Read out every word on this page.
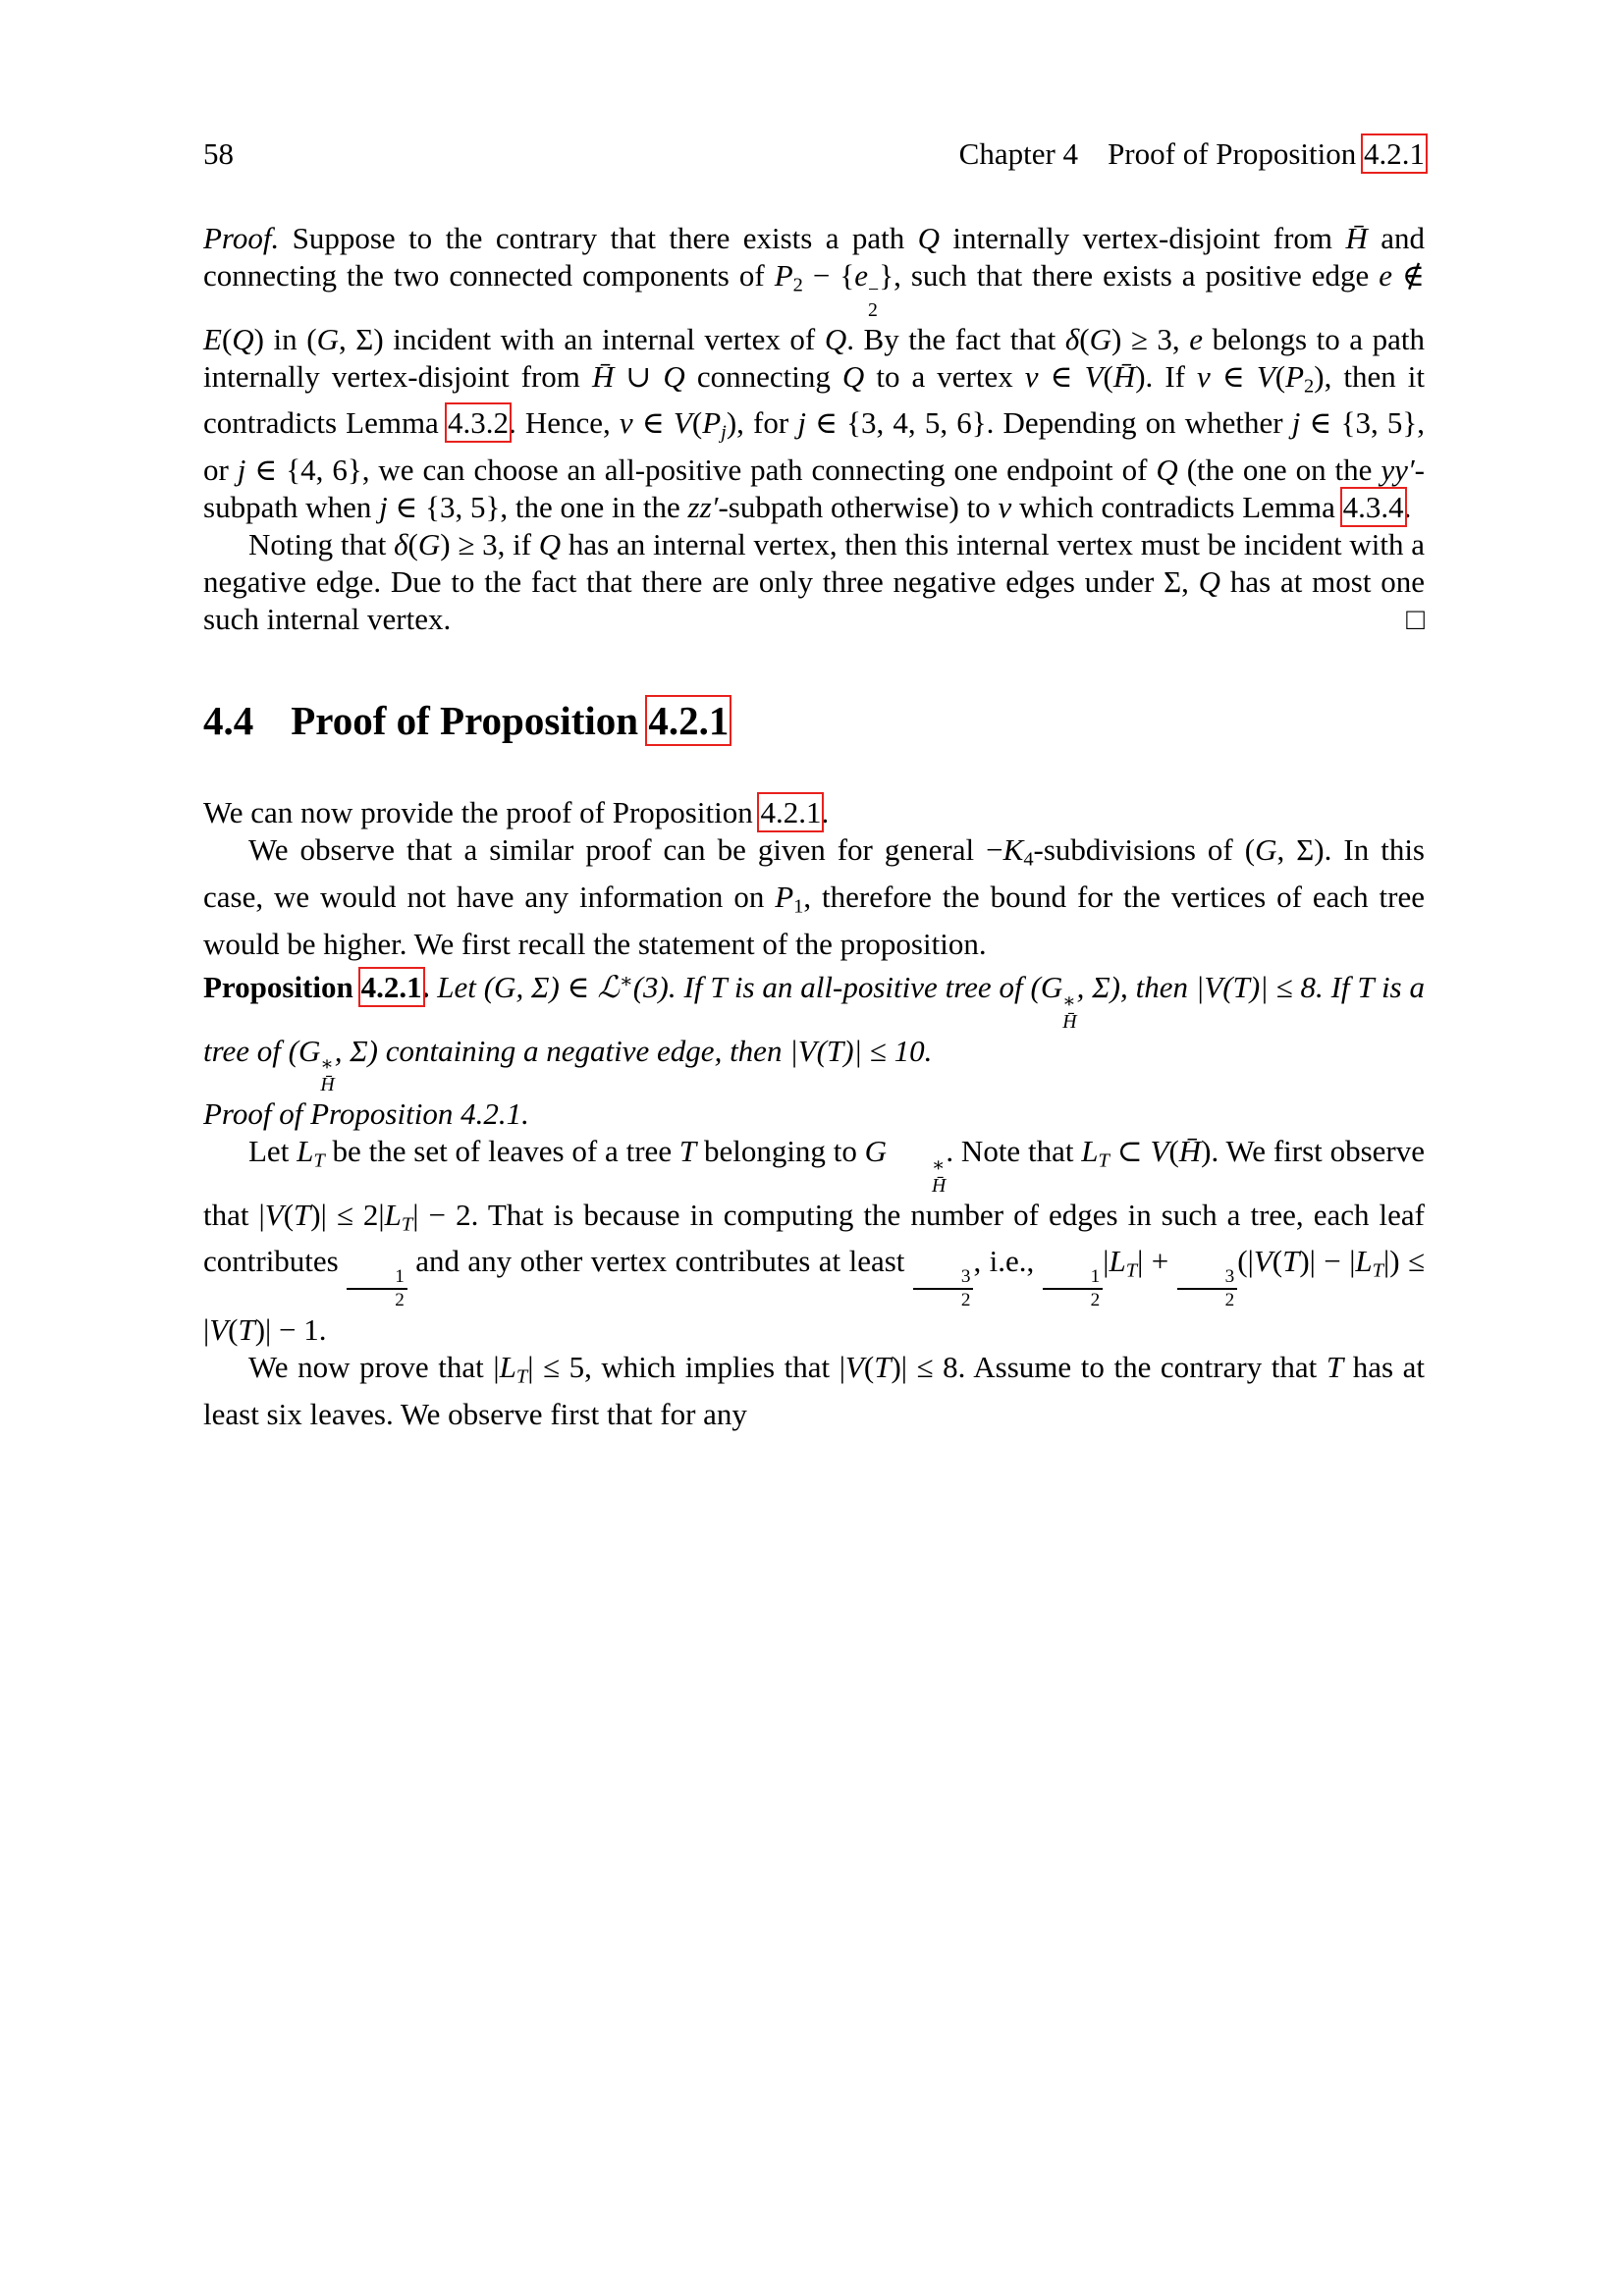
58	Chapter 4 Proof of Proposition 4.2.1

Proof. Suppose to the contrary that there exists a path Q internally vertex-disjoint from H̄ and connecting the two connected components of P2 − {e −
2
}, such that there exists a positive edge e ∉ E(Q) in (G, Σ) incident with an internal vertex of Q. By the fact that δ(G) ≥ 3, e belongs to a path internally vertex-disjoint from H̄ ∪ Q connecting Q to a vertex v ∈ V(H̄). If v ∈ V(P2), then it contradicts Lemma 4.3.2. Hence, v ∈ V(Pj), for j ∈ {3, 4, 5, 6}. Depending on whether j ∈ {3, 5}, or j ∈ {4, 6}, we can choose an all-positive path connecting one endpoint of Q (the one on the yy′-subpath when j ∈ {3, 5}, the one in the zz′-subpath otherwise) to v which contradicts Lemma 4.3.4.

Noting that δ(G) ≥ 3, if Q has an internal vertex, then this internal vertex must be incident with a negative edge. Due to the fact that there are only three negative edges under Σ, Q has at most one such internal vertex.	□

4.4 Proof of Proposition 4.2.1

We can now provide the proof of Proposition 4.2.1.

We observe that a similar proof can be given for general −K4-subdivisions of (G, Σ). In this case, we would not have any information on P1, therefore the bound for the vertices of each tree would be higher. We first recall the statement of the proposition.

Proposition 4.2.1. Let (G, Σ) ∈ ℒ∗(3). If T is an all-positive tree of (G ∗
H̄
, Σ), then |V(T)| ≤ 8. If T is a tree of (G ∗
H̄
, Σ) containing a negative edge, then |V(T)| ≤ 10.

Proof of Proposition 4.2.1.

Let LT be the set of leaves of a tree T belonging to G	∗
H̄
. Note that LT ⊂ V(H̄). We first observe that |V(T)| ≤ 2|LT| − 2. That is because in computing the number of edges in such a tree, each leaf contributes
$\frac{1}{2}$
and any other vertex contributes at least
$\frac{3}{2}$
, i.e.,
$\frac{1}{2}$
|LT| +
$\frac{3}{2}$
(|V(T)| − |LT|) ≤ |V(T)| − 1.

We now prove that |LT| ≤ 5, which implies that |V(T)| ≤ 8. Assume to the contrary that T has at least six leaves. We observe first that for any
